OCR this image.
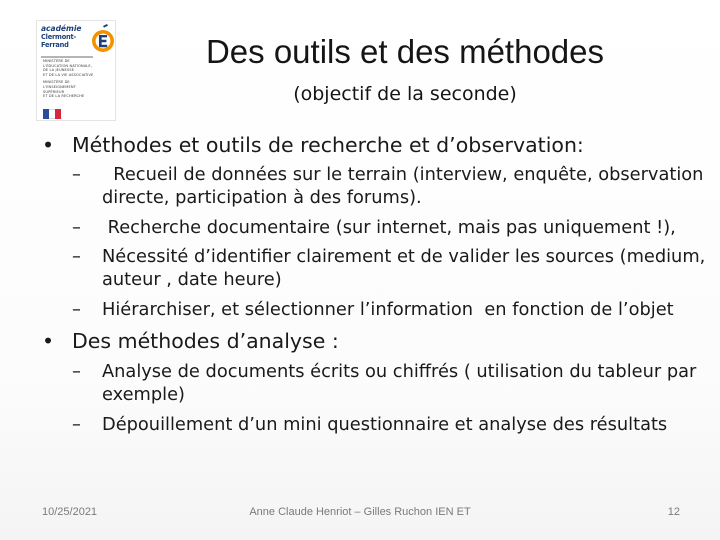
académie
Clermont-Ferrand
MINISTÈRE DE
L'ÉDUCATION NATIONALE,
DE LA JEUNESSE
ET DE LA VIE ASSOCIATIVE
MINISTÈRE DE
L'ENSEIGNEMENT SUPÉRIEUR
ET DE LA RECHERCHE
Des outils et des méthodes
(objectif de la seconde)
• Méthodes et outils de recherche et d’observation:
–	Recueil de données sur le terrain (interview, enquête, observation
directe, participation à des forums).
–	Recherche documentaire (sur internet, mais pas uniquement !),
–	Nécessité d’identifier clairement et de valider les sources (medium,
auteur , date heure)
–	Hiérarchiser, et sélectionner l’information  en fonction de l’objet
• Des méthodes d’analyse :
–	Analyse de documents écrits ou chiffrés ( utilisation du tableur par
exemple)
–	Dépouillement d’un mini questionnaire et analyse des résultats
10/25/2021	Anne Claude Henriot – Gilles Ruchon IEN ET	12
